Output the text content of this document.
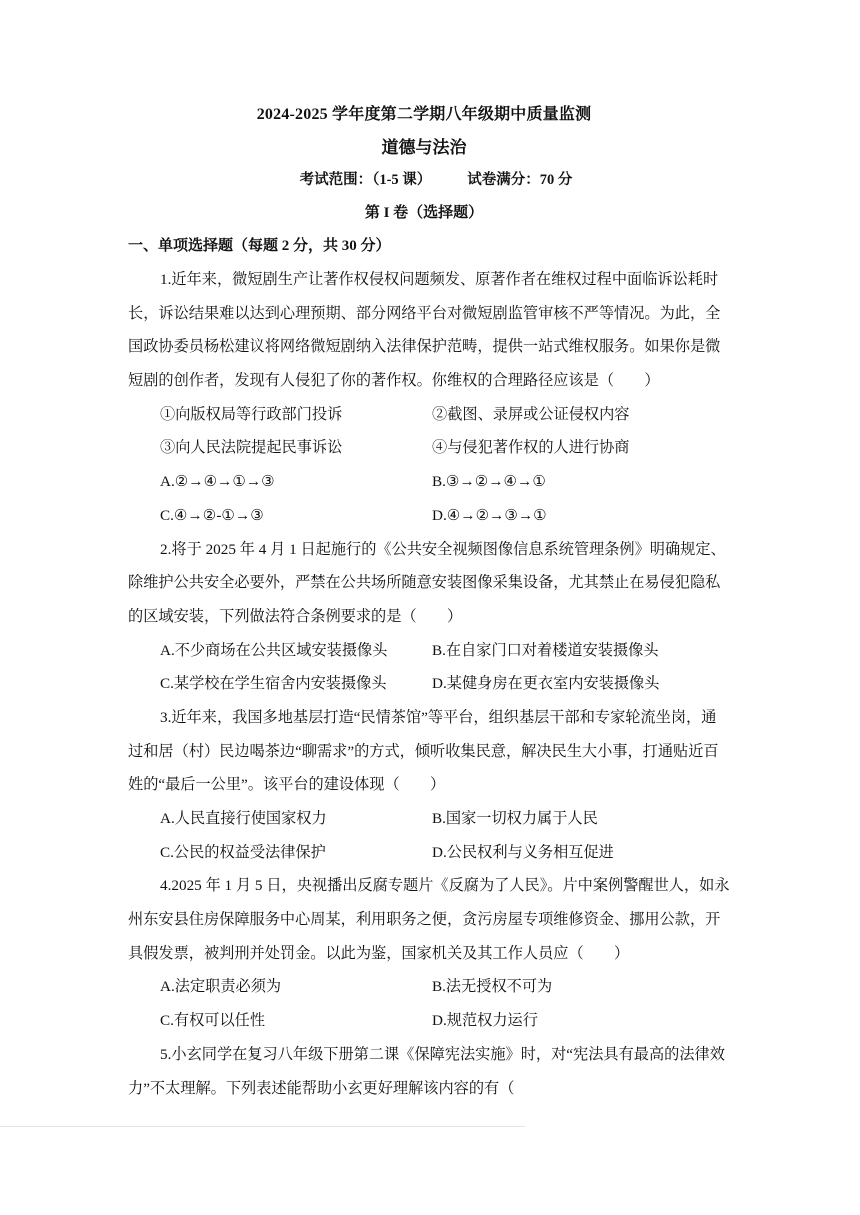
2024-2025 学年度第二学期八年级期中质量监测
道德与法治
考试范围：（1-5 课） 试卷满分：70 分
第 I 卷（选择题）
一、单项选择题（每题 2 分，共 30 分）
1.近年来，微短剧生产让著作权侵权问题频发、原著作者在维权过程中面临诉讼耗时
长，诉讼结果难以达到心理预期、部分网络平台对微短剧监管审核不严等情况。为此，全
国政协委员杨松建议将网络微短剧纳入法律保护范畴，提供一站式维权服务。如果你是微
短剧的创作者，发现有人侵犯了你的著作权。你维权的合理路径应该是（　　）
①向版权局等行政部门投诉	②截图、录屏或公证侵权内容
③向人民法院提起民事诉讼	④与侵犯著作权的人进行协商
A.②→④→①→③	B.③→②→④→①
C.④→②-①→③	D.④→②→③→①
2.将于 2025 年 4 月 1 日起施行的《公共安全视频图像信息系统管理条例》明确规定、
除维护公共安全必要外，严禁在公共场所随意安装图像采集设备，尤其禁止在易侵犯隐私
的区域安装，下列做法符合条例要求的是（　　）
A.不少商场在公共区域安装摄像头	B.在自家门口对着楼道安装摄像头
C.某学校在学生宿舍内安装摄像头	D.某健身房在更衣室内安装摄像头
3.近年来，我国多地基层打造“民情茶馆”等平台，组织基层干部和专家轮流坐岗，通
过和居（村）民边喝茶边“聊需求”的方式，倾听收集民意，解决民生大小事，打通贴近百
姓的“最后一公里”。该平台的建设体现（　　）
A.人民直接行使国家权力	B.国家一切权力属于人民
C.公民的权益受法律保护	D.公民权利与义务相互促进
4.2025 年 1 月 5 日，央视播出反腐专题片《反腐为了人民》。片中案例警醒世人，如永
州东安县住房保障服务中心周某，利用职务之便，贪污房屋专项维修资金、挪用公款，开
具假发票，被判刑并处罚金。以此为鉴，国家机关及其工作人员应（　　）
A.法定职责必须为	B.法无授权不可为
C.有权可以任性	D.规范权力运行
5.小玄同学在复习八年级下册第二课《保障宪法实施》时，对“宪法具有最高的法律效
力”不太理解。下列表述能帮助小玄更好理解该内容的有（
